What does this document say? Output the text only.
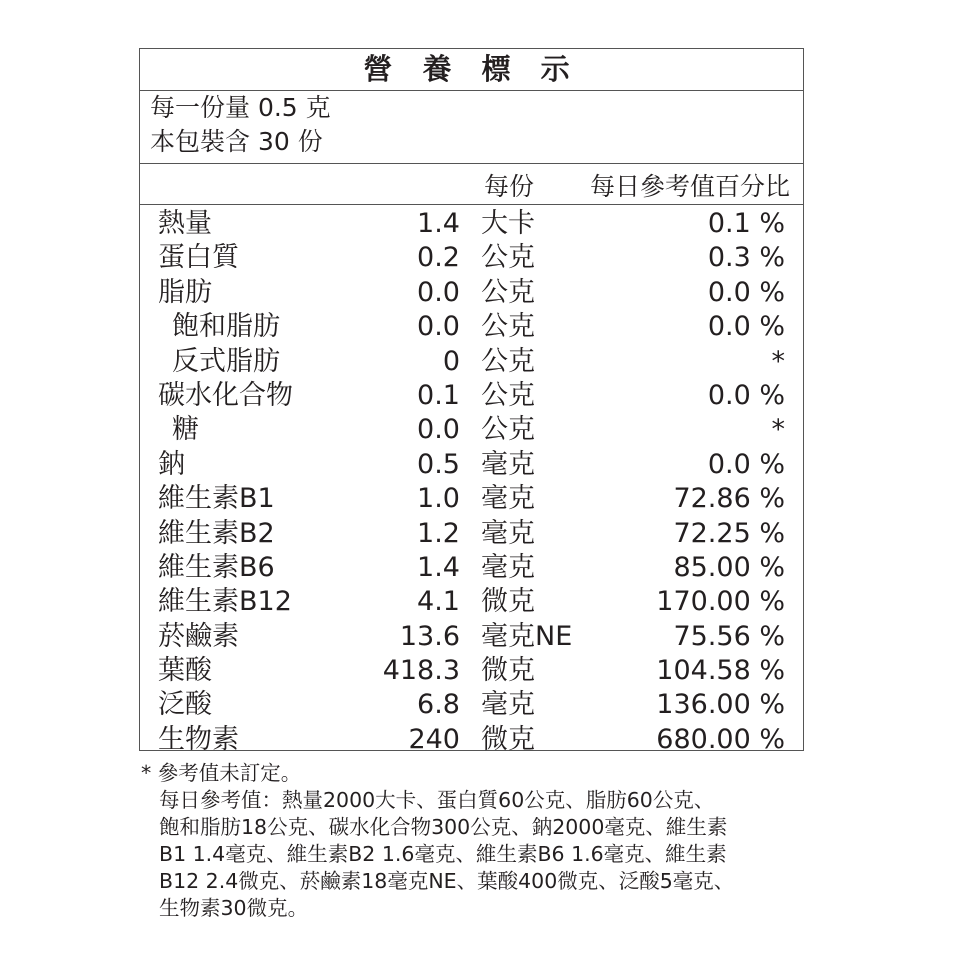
營 養 標 示
每一份量 0.5 克
本包裝含 30 份
每份 每日參考值百分比
熱量	1.4 大卡	0.1 %
蛋白質	0.2 公克	0.3 %
脂肪	0.0 公克	0.0 %
飽和脂肪	0.0 公克	0.0 %
反式脂肪	0 公克	*
碳水化合物	0.1 公克	0.0 %
糖	0.0 公克	*
鈉	0.5 毫克	0.0 %
維生素B1	1.0 毫克	72.86 %
維生素B2	1.2 毫克	72.25 %
維生素B6	1.4 毫克	85.00 %
維生素B12	4.1 微克	170.00 %
菸鹼素	13.6 毫克NE	75.56 %
葉酸	418.3 微克	104.58 %
泛酸	6.8 毫克	136.00 %
生物素	240 微克	680.00 %
* 參考值未訂定。
每日參考值：熱量2000大卡、蛋白質60公克、脂肪60公克、
飽和脂肪18公克、碳水化合物300公克、鈉2000毫克、維生素
B1 1.4毫克、維生素B2 1.6毫克、維生素B6 1.6毫克、維生素
B12 2.4微克、菸鹼素18毫克NE、葉酸400微克、泛酸5毫克、
生物素30微克。
